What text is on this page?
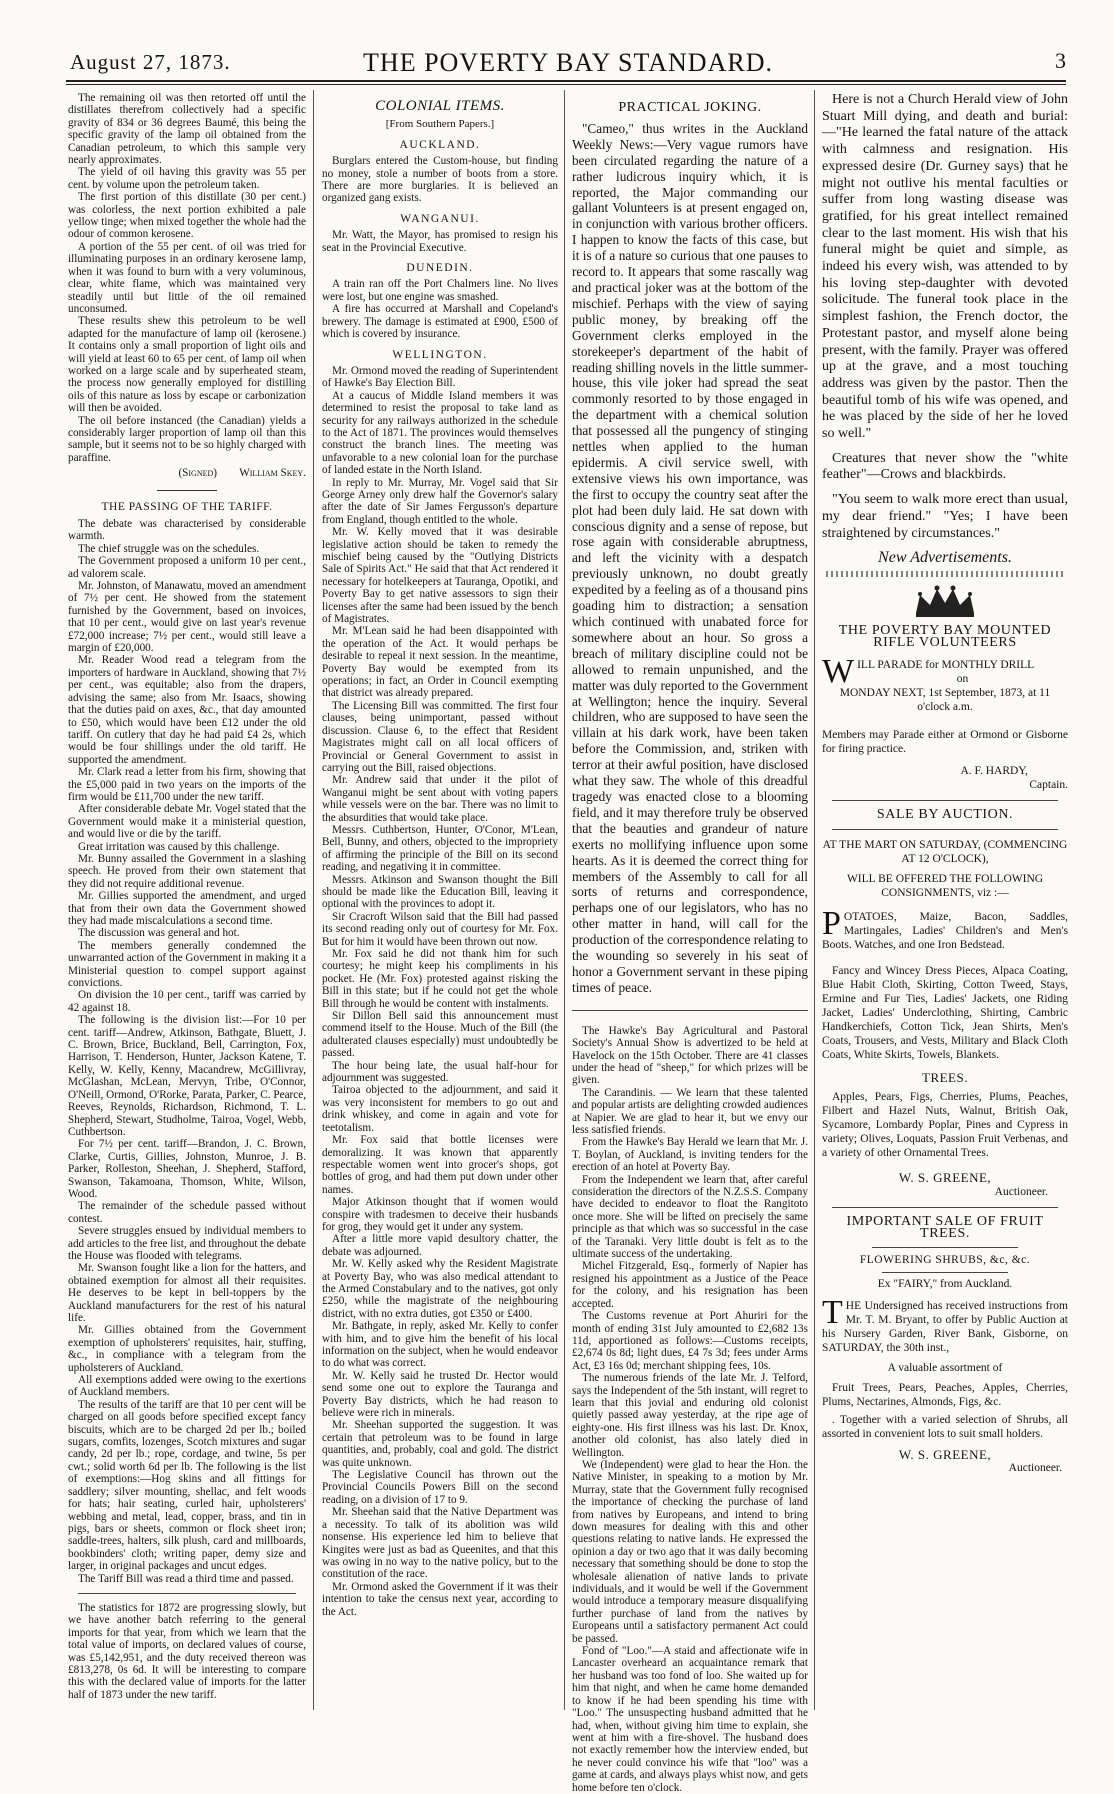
August 27, 1873.	THE POVERTY BAY STANDARD.	3

The remaining oil was then retorted off until the distillates therefrom collectively had a specific gravity of 834 or 36 degrees Baumé, this being the specific gravity of the lamp oil obtained from the Canadian petroleum, to which this sample very nearly approximates.

The yield of oil having this gravity was 55 per cent. by volume upon the petroleum taken.

The first portion of this distillate (30 per cent.) was colorless, the next portion exhibited a pale yellow tinge; when mixed together the whole had the odour of common kerosene.

A portion of the 55 per cent. of oil was tried for illuminating purposes in an ordinary kerosene lamp, when it was found to burn with a very voluminous, clear, white flame, which was maintained very steadily until but little of the oil remained unconsumed.

These results shew this petroleum to be well adapted for the manufacture of lamp oil (kerosene.) It contains only a small proportion of light oils and will yield at least 60 to 65 per cent. of lamp oil when worked on a large scale and by superheated steam, the process now generally employed for distilling oils of this nature as loss by escape or carbonization will then be avoided.

The oil before instanced (the Canadian) yields a considerably larger proportion of lamp oil than this sample, but it seems not to be so highly charged with paraffine.

(Signed) William Skey.

THE PASSING OF THE TARIFF.

The debate was characterised by considerable warmth.

The chief struggle was on the schedules.

The Government proposed a uniform 10 per cent., ad valorem scale.

Mr. Johnston, of Manawatu, moved an amendment of 7½ per cent. He showed from the statement furnished by the Government, based on invoices, that 10 per cent., would give on last year's revenue £72,000 increase; 7½ per cent., would still leave a margin of £20,000.

Mr. Reader Wood read a telegram from the importers of hardware in Auckland, showing that 7½ per cent., was equitable; also from the drapers, advising the same; also from Mr. Isaacs, showing that the duties paid on axes, &c., that day amounted to £50, which would have been £12 under the old tariff. On cutlery that day he had paid £4 2s, which would be four shillings under the old tariff. He supported the amendment.

Mr. Clark read a letter from his firm, showing that the £5,000 paid in two years on the imports of the firm would be £11,700 under the new tariff.

After considerable debate Mr. Vogel stated that the Government would make it a ministerial question, and would live or die by the tariff.

Great irritation was caused by this challenge.

Mr. Bunny assailed the Government in a slashing speech. He proved from their own statement that they did not require additional revenue.

Mr. Gillies supported the amendment, and urged that from their own data the Government showed they had made miscalculations a second time.

The discussion was general and hot.

The members generally condemned the unwarranted action of the Government in making it a Ministerial question to compel support against convictions.

On division the 10 per cent., tariff was carried by 42 against 18.

The following is the division list:—For 10 per cent. tariff—Andrew, Atkinson, Bathgate, Bluett, J. C. Brown, Brice, Buckland, Bell, Carrington, Fox, Harrison, T. Henderson, Hunter, Jackson Katene, T. Kelly, W. Kelly, Kenny, Macandrew, McGillivray, McGlashan, McLean, Mervyn, Tribe, O'Connor, O'Neill, Ormond, O'Rorke, Parata, Parker, C. Pearce, Reeves, Reynolds, Richardson, Richmond, T. L. Shepherd, Stewart, Studholme, Tairoa, Vogel, Webb, Cuthbertson.

For 7½ per cent. tariff—Brandon, J. C. Brown, Clarke, Curtis, Gillies, Johnston, Munroe, J. B. Parker, Rolleston, Sheehan, J. Shepherd, Stafford, Swanson, Takamoana, Thomson, White, Wilson, Wood.

The remainder of the schedule passed without contest.

Severe struggles ensued by individual members to add articles to the free list, and throughout the debate the House was flooded with telegrams.

Mr. Swanson fought like a lion for the hatters, and obtained exemption for almost all their requisites. He deserves to be kept in bell-toppers by the Auckland manufacturers for the rest of his natural life.

Mr. Gillies obtained from the Government exemption of upholsterers' requisites, hair, stuffing, &c., in compliance with a telegram from the upholsterers of Auckland.

All exemptions added were owing to the exertions of Auckland members.

The results of the tariff are that 10 per cent will be charged on all goods before specified except fancy biscuits, which are to be charged 2d per lb.; boiled sugars, comfits, lozenges, Scotch mixtures and sugar candy, 2d per lb.; rope, cordage, and twine, 5s per cwt.; solid worth 6d per lb. The following is the list of exemptions:—Hog skins and all fittings for saddlery; silver mounting, shellac, and felt woods for hats; hair seating, curled hair, upholsterers' webbing and metal, lead, copper, brass, and tin in pigs, bars or sheets, common or flock sheet iron; saddle-trees, halters, silk plush, card and millboards, bookbinders' cloth; writing paper, demy size and larger, in original packages and uncut edges.

The Tariff Bill was read a third time and passed.

The statistics for 1872 are progressing slowly, but we have another batch referring to the general imports for that year, from which we learn that the total value of imports, on declared values of course, was £5,142,951, and the duty received thereon was £813,278, 0s 6d. It will be interesting to compare this with the declared value of imports for the latter half of 1873 under the new tariff.

COLONIAL ITEMS.

[From Southern Papers.]
AUCKLAND.

Burglars entered the Custom-house, but finding no money, stole a number of boots from a store. There are more burglaries. It is believed an organized gang exists.

WANGANUI.

Mr. Watt, the Mayor, has promised to resign his seat in the Provincial Executive.

DUNEDIN.

A train ran off the Port Chalmers line. No lives were lost, but one engine was smashed.

A fire has occurred at Marshall and Copeland's brewery. The damage is estimated at £900, £500 of which is covered by insurance.

WELLINGTON.

Mr. Ormond moved the reading of Superintendent of Hawke's Bay Election Bill.

At a caucus of Middle Island members it was determined to resist the proposal to take land as security for any railways authorized in the schedule to the Act of 1871. The provinces would themselves construct the branch lines. The meeting was unfavorable to a new colonial loan for the purchase of landed estate in the North Island.

In reply to Mr. Murray, Mr. Vogel said that Sir George Arney only drew half the Governor's salary after the date of Sir James Fergusson's departure from England, though entitled to the whole.

Mr. W. Kelly moved that it was desirable legislative action should be taken to remedy the mischief being caused by the "Outlying Districts Sale of Spirits Act." He said that that Act rendered it necessary for hotelkeepers at Tauranga, Opotiki, and Poverty Bay to get native assessors to sign their licenses after the same had been issued by the bench of Magistrates.

Mr. M'Lean said he had been disappointed with the operation of the Act. It would perhaps be desirable to repeal it next session. In the meantime, Poverty Bay would be exempted from its operations; in fact, an Order in Council exempting that district was already prepared.

The Licensing Bill was committed. The first four clauses, being unimportant, passed without discussion. Clause 6, to the effect that Resident Magistrates might call on all local officers of Provincial or General Government to assist in carrying out the Bill, raised objections.

Mr. Andrew said that under it the pilot of Wanganui might be sent about with voting papers while vessels were on the bar. There was no limit to the absurdities that would take place.

Messrs. Cuthbertson, Hunter, O'Conor, M'Lean, Bell, Bunny, and others, objected to the impropriety of affirming the principle of the Bill on its second reading, and negativing it in committee.

Messrs. Atkinson and Swanson thought the Bill should be made like the Education Bill, leaving it optional with the provinces to adopt it.

Sir Cracroft Wilson said that the Bill had passed its second reading only out of courtesy for Mr. Fox. But for him it would have been thrown out now.

Mr. Fox said he did not thank him for such courtesy; he might keep his compliments in his pocket. He (Mr. Fox) protested against risking the Bill in this state; but if he could not get the whole Bill through he would be content with instalments.

Sir Dillon Bell said this announcement must commend itself to the House. Much of the Bill (the adulterated clauses especially) must undoubtedly be passed.

The hour being late, the usual half-hour for adjournment was suggested.

Tairoa objected to the adjournment, and said it was very inconsistent for members to go out and drink whiskey, and come in again and vote for teetotalism.

Mr. Fox said that bottle licenses were demoralizing. It was known that apparently respectable women went into grocer's shops, got bottles of grog, and had them put down under other names.

Major Atkinson thought that if women would conspire with tradesmen to deceive their husbands for grog, they would get it under any system.

After a little more vapid desultory chatter, the debate was adjourned.

Mr. W. Kelly asked why the Resident Magistrate at Poverty Bay, who was also medical attendant to the Armed Constabulary and to the natives, got only £250, while the magistrate of the neighbouring district, with no extra duties, got £350 or £400.

Mr. Bathgate, in reply, asked Mr. Kelly to confer with him, and to give him the benefit of his local information on the subject, when he would endeavor to do what was correct.

Mr. W. Kelly said he trusted Dr. Hector would send some one out to explore the Tauranga and Poverty Bay districts, which he had reason to believe were rich in minerals.

Mr. Sheehan supported the suggestion. It was certain that petroleum was to be found in large quantities, and, probably, coal and gold. The district was quite unknown.

The Legislative Council has thrown out the Provincial Councils Powers Bill on the second reading, on a division of 17 to 9.

Mr. Sheehan said that the Native Department was a necessity. To talk of its abolition was wild nonsense. His experience led him to believe that Kingites were just as bad as Queenites, and that this was owing in no way to the native policy, but to the constitution of the race.

Mr. Ormond asked the Government if it was their intention to take the census next year, according to the Act.

PRACTICAL JOKING.

"Cameo," thus writes in the Auckland Weekly News:—Very vague rumors have been circulated regarding the nature of a rather ludicrous inquiry which, it is reported, the Major commanding our gallant Volunteers is at present engaged on, in conjunction with various brother officers. I happen to know the facts of this case, but it is of a nature so curious that one pauses to record to. It appears that some rascally wag and practical joker was at the bottom of the mischief. Perhaps with the view of saying public money, by breaking off the Government clerks employed in the storekeeper's department of the habit of reading shilling novels in the little summer-house, this vile joker had spread the seat commonly resorted to by those engaged in the department with a chemical solution that possessed all the pungency of stinging nettles when applied to the human epidermis. A civil service swell, with extensive views his own importance, was the first to occupy the country seat after the plot had been duly laid. He sat down with conscious dignity and a sense of repose, but rose again with considerable abruptness, and left the vicinity with a despatch previously unknown, no doubt greatly expedited by a feeling as of a thousand pins goading him to distraction; a sensation which continued with unabated force for somewhere about an hour. So gross a breach of military discipline could not be allowed to remain unpunished, and the matter was duly reported to the Government at Wellington; hence the inquiry. Several children, who are supposed to have seen the villain at his dark work, have been taken before the Commission, and, striken with terror at their awful position, have disclosed what they saw. The whole of this dreadful tragedy was enacted close to a blooming field, and it may therefore truly be observed that the beauties and grandeur of nature exerts no mollifying influence upon some hearts. As it is deemed the correct thing for members of the Assembly to call for all sorts of returns and correspondence, perhaps one of our legislators, who has no other matter in hand, will call for the production of the correspondence relating to the wounding so severely in his seat of honor a Government servant in these piping times of peace.

The Hawke's Bay Agricultural and Pastoral Society's Annual Show is advertized to be held at Havelock on the 15th October. There are 41 classes under the head of "sheep," for which prizes will be given.

The Carandinis. — We learn that these talented and popular artists are delighting crowded audiences at Napier. We are glad to hear it, but we envy our less satisfied friends.

From the Hawke's Bay Herald we learn that Mr. J. T. Boylan, of Auckland, is inviting tenders for the erection of an hotel at Poverty Bay.

From the Independent we learn that, after careful consideration the directors of the N.Z.S.S. Company have decided to endeavor to float the Rangitoto once more. She will be lifted on precisely the same principle as that which was so successful in the case of the Taranaki. Very little doubt is felt as to the ultimate success of the undertaking.

Michel Fitzgerald, Esq., formerly of Napier has resigned his appointment as a Justice of the Peace for the colony, and his resignation has been accepted.

The Customs revenue at Port Ahuriri for the month of ending 31st July amounted to £2,682 13s 11d, apportioned as follows:—Customs receipts, £2,674 0s 8d; light dues, £4 7s 3d; fees under Arms Act, £3 16s 0d; merchant shipping fees, 10s.

The numerous friends of the late Mr. J. Telford, says the Independent of the 5th instant, will regret to learn that this jovial and enduring old colonist quietly passed away yesterday, at the ripe age of eighty-one. His first illness was his last. Dr. Knox, another old colonist, has also lately died in Wellington.

We (Independent) were glad to hear the Hon. the Native Minister, in speaking to a motion by Mr. Murray, state that the Government fully recognised the importance of checking the purchase of land from natives by Europeans, and intend to bring down measures for dealing with this and other questions relating to native lands. He expressed the opinion a day or two ago that it was daily becoming necessary that something should be done to stop the wholesale alienation of native lands to private individuals, and it would be well if the Government would introduce a temporary measure disqualifying further purchase of land from the natives by Europeans until a satisfactory permanent Act could be passed.

Fond of "Loo."—A staid and affectionate wife in Lancaster overheard an acquaintance remark that her husband was too fond of loo. She waited up for him that night, and when he came home demanded to know if he had been spending his time with "Loo." The unsuspecting husband admitted that he had, when, without giving him time to explain, she went at him with a fire-shovel. The husband does not exactly remember how the interview ended, but he never could convince his wife that "loo" was a game at cards, and always plays whist now, and gets home before ten o'clock.

Here is not a Church Herald view of John Stuart Mill dying, and death and burial:—"He learned the fatal nature of the attack with calmness and resignation. His expressed desire (Dr. Gurney says) that he might not outlive his mental faculties or suffer from long wasting disease was gratified, for his great intellect remained clear to the last moment. His wish that his funeral might be quiet and simple, as indeed his every wish, was attended to by his loving step-daughter with devoted solicitude. The funeral took place in the simplest fashion, the French doctor, the Protestant pastor, and myself alone being present, with the family. Prayer was offered up at the grave, and a most touching address was given by the pastor. Then the beautiful tomb of his wife was opened, and he was placed by the side of her he loved so well."

Creatures that never show the "white feather"—Crows and blackbirds.

"You seem to walk more erect than usual, my dear friend." "Yes; I have been straightened by circumstances."

New Advertisements.
THE POVERTY BAY MOUNTED RIFLE VOLUNTEERS

WILL PARADE for MONTHLY DRILL

on
MONDAY NEXT, 1st September, 1873, at 11 o'clock a.m.
Members may Parade either at Ormond or Gisborne for firing practice.
A. F. HARDY,
Captain.
SALE BY AUCTION.
AT THE MART ON SATURDAY, (COMMENCING AT 12 O'CLOCK),
WILL BE OFFERED THE FOLLOWING CONSIGNMENTS, viz :—

POTATOES, Maize, Bacon, Saddles, Martingales, Ladies' Children's and Men's Boots. Watches, and one Iron Bedstead.

Fancy and Wincey Dress Pieces, Alpaca Coating, Blue Habit Cloth, Skirting, Cotton Tweed, Stays, Ermine and Fur Ties, Ladies' Jackets, one Riding Jacket, Ladies' Underclothing, Shirting, Cambric Handkerchiefs, Cotton Tick, Jean Shirts, Men's Coats, Trousers, and Vests, Military and Black Cloth Coats, White Skirts, Towels, Blankets.

TREES.

Apples, Pears, Figs, Cherries, Plums, Peaches, Filbert and Hazel Nuts, Walnut, British Oak, Sycamore, Lombardy Poplar, Pines and Cypress in variety; Olives, Loquats, Passion Fruit Verbenas, and a variety of other Ornamental Trees.

W. S. GREENE,
Auctioneer.
IMPORTANT SALE OF FRUIT TREES.
FLOWERING SHRUBS, &c, &c.
Ex "FAIRY," from Auckland.

THE Undersigned has received instructions from Mr. T. M. Bryant, to offer by Public Auction at his Nursery Garden, River Bank, Gisborne, on SATURDAY, the 30th inst.,

A valuable assortment of

Fruit Trees, Pears, Peaches, Apples, Cherries, Plums, Nectarines, Almonds, Figs, &c.

. Together with a varied selection of Shrubs, all assorted in convenient lots to suit small holders.

W. S. GREENE,
Auctioneer.
